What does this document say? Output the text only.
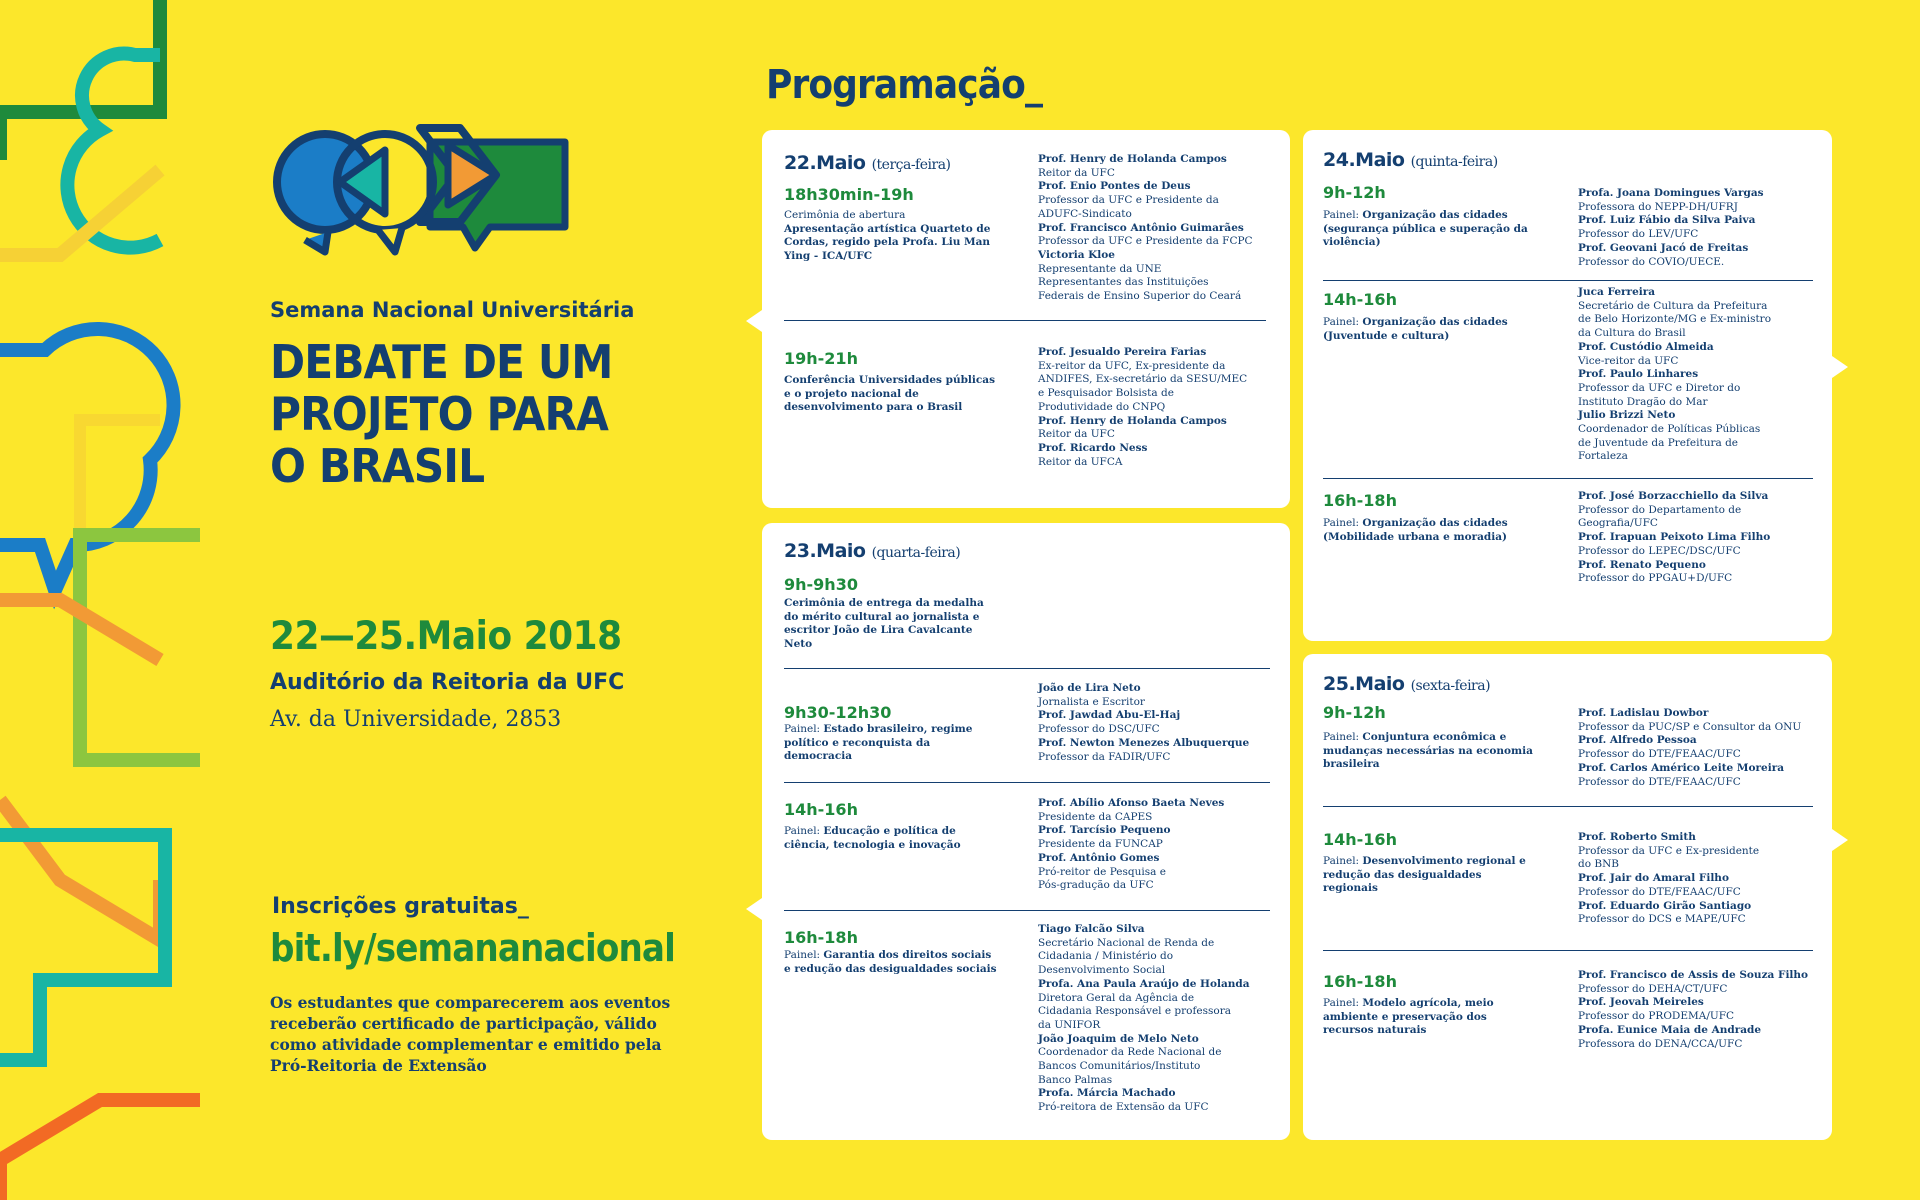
Semana Nacional Universitária
DEBATE DE UM
PROJETO PARA
O BRASIL
22—25.Maio 2018
Auditório da Reitoria da UFC
Av. da Universidade, 2853
Inscrições gratuitas_
bit.ly/semananacional
Os estudantes que comparecerem aos eventos receberão certificado de participação, válido como atividade complementar e emitido pela Pró-Reitoria de Extensão
Programação_
22.Maio (terça-feira)
23.Maio (quarta-feira)
24.Maio (quinta-feira)
25.Maio (sexta-feira)
18h30min-19h
Cerimônia de abertura
Apresentação artística Quarteto de Cordas, regido pela Profa. Liu Man Ying - ICA/UFC
Prof. Henry de Holanda Campos
Reitor da UFC
Prof. Enio Pontes de Deus
Professor da UFC e Presidente da
ADUFC-Sindicato
Prof. Francisco Antônio Guimarães
Professor da UFC e Presidente da FCPC
Victoria Kloe
Representante da UNE
Representantes das Instituições
Federais de Ensino Superior do Ceará
19h-21h
Conferência Universidades públicas e o projeto nacional de desenvolvimento para o Brasil
Prof. Jesualdo Pereira Farias
Ex-reitor da UFC, Ex-presidente da
ANDIFES, Ex-secretário da SESU/MEC
e Pesquisador Bolsista de
Produtividade do CNPQ
Prof. Henry de Holanda Campos
Reitor da UFC
Prof. Ricardo Ness
Reitor da UFCA
9h-9h30
Cerimônia de entrega da medalha do mérito cultural ao jornalista e escritor João de Lira Cavalcante Neto
9h30-12h30
Painel: Estado brasileiro, regime político e reconquista da democracia
João de Lira Neto
Jornalista e Escritor
Prof. Jawdad Abu-El-Haj
Professor do DSC/UFC
Prof. Newton Menezes Albuquerque
Professor da FADIR/UFC
14h-16h
Painel: Educação e política de ciência, tecnologia e inovação
Prof. Abílio Afonso Baeta Neves
Presidente da CAPES
Prof. Tarcísio Pequeno
Presidente da FUNCAP
Prof. Antônio Gomes
Pró-reitor de Pesquisa e
Pós-gradução da UFC
16h-18h
Painel: Garantia dos direitos sociais e redução das desigualdades sociais
Tiago Falcão Silva
Secretário Nacional de Renda de
Cidadania / Ministério do
Desenvolvimento Social
Profa. Ana Paula Araújo de Holanda
Diretora Geral da Agência de
Cidadania Responsável e professora
da UNIFOR
João Joaquim de Melo Neto
Coordenador da Rede Nacional de
Bancos Comunitários/Instituto
Banco Palmas
Profa. Márcia Machado
Pró-reitora de Extensão da UFC
9h-12h
Painel: Organização das cidades (segurança pública e superação da violência)
Profa. Joana Domingues Vargas
Professora do NEPP-DH/UFRJ
Prof. Luiz Fábio da Silva Paiva
Professor do LEV/UFC
Prof. Geovani Jacó de Freitas
Professor do COVIO/UECE.
14h-16h
Painel: Organização das cidades (Juventude e cultura)
Juca Ferreira
Secretário de Cultura da Prefeitura
de Belo Horizonte/MG e Ex-ministro
da Cultura do Brasil
Prof. Custódio Almeida
Vice-reitor da UFC
Prof. Paulo Linhares
Professor da UFC e Diretor do
Instituto Dragão do Mar
Julio Brizzi Neto
Coordenador de Políticas Públicas
de Juventude da Prefeitura de
Fortaleza
16h-18h
Painel: Organização das cidades (Mobilidade urbana e moradia)
Prof. José Borzacchiello da Silva
Professor do Departamento de
Geografia/UFC
Prof. Irapuan Peixoto Lima Filho
Professor do LEPEC/DSC/UFC
Prof. Renato Pequeno
Professor do PPGAU+D/UFC
9h-12h
Painel: Conjuntura econômica e mudanças necessárias na economia brasileira
Prof. Ladislau Dowbor
Professor da PUC/SP e Consultor da ONU
Prof. Alfredo Pessoa
Professor do DTE/FEAAC/UFC
Prof. Carlos Américo Leite Moreira
Professor do DTE/FEAAC/UFC
14h-16h
Painel: Desenvolvimento regional e redução das desigualdades regionais
Prof. Roberto Smith
Professor da UFC e Ex-presidente
do BNB
Prof. Jair do Amaral Filho
Professor do DTE/FEAAC/UFC
Prof. Eduardo Girão Santiago
Professor do DCS e MAPE/UFC
16h-18h
Painel: Modelo agrícola, meio ambiente e preservação dos recursos naturais
Prof. Francisco de Assis de Souza Filho
Professor do DEHA/CT/UFC
Prof. Jeovah Meireles
Professor do PRODEMA/UFC
Profa. Eunice Maia de Andrade
Professora do DENA/CCA/UFC
